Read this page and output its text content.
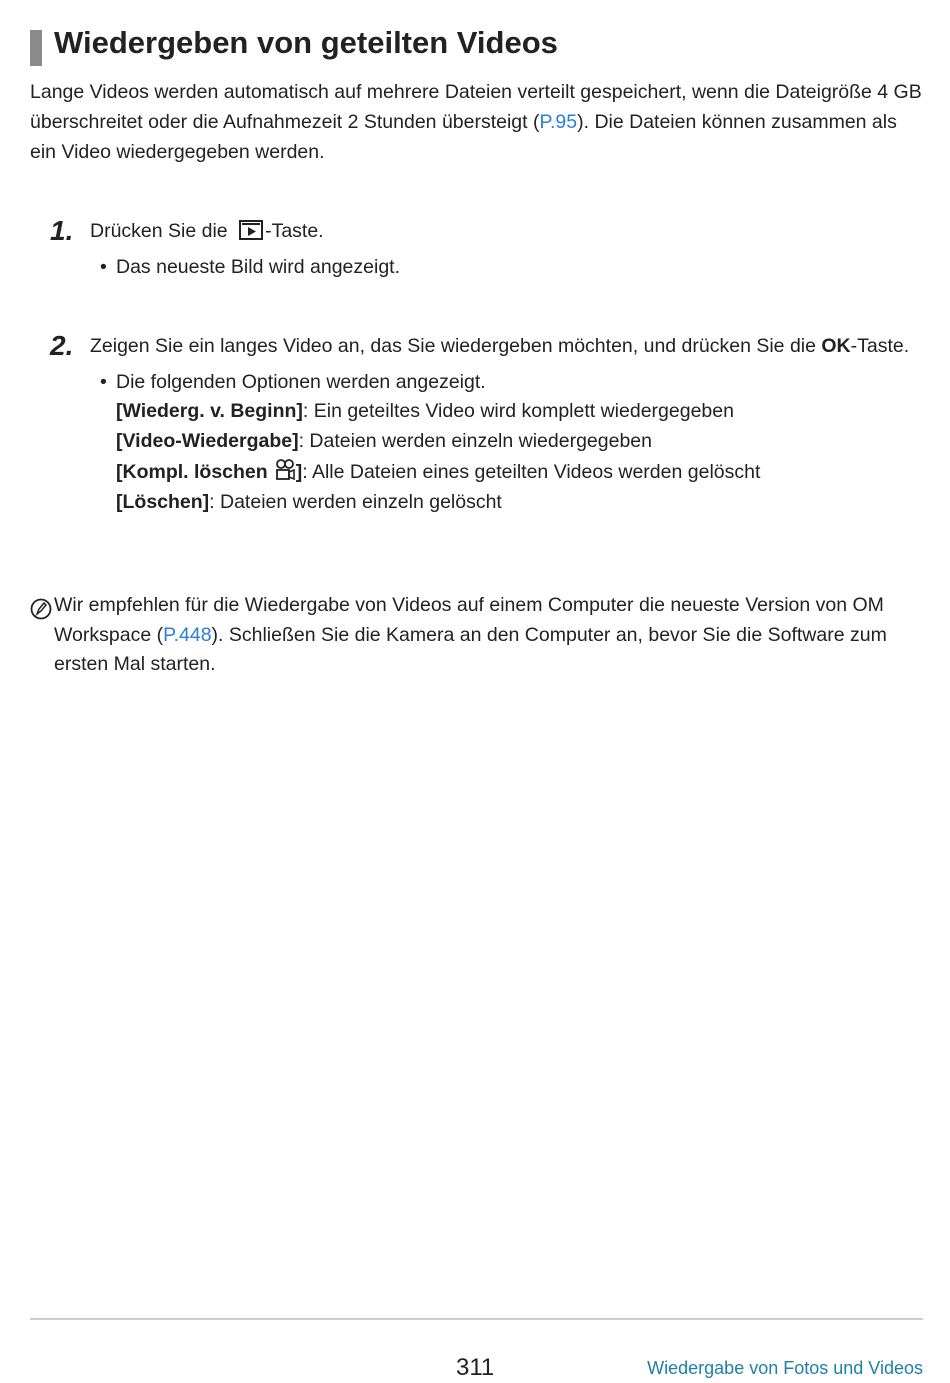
Wiedergeben von geteilten Videos
Lange Videos werden automatisch auf mehrere Dateien verteilt gespeichert, wenn die Dateigröße 4 GB überschreitet oder die Aufnahmezeit 2 Stunden übersteigt (P.95). Die Dateien können zusammen als ein Video wiedergegeben werden.
1. Drücken Sie die -Taste.
• Das neueste Bild wird angezeigt.
2. Zeigen Sie ein langes Video an, das Sie wiedergeben möchten, und drücken Sie die OK-Taste.
• Die folgenden Optionen werden angezeigt.
[Wiederg. v. Beginn]: Ein geteiltes Video wird komplett wiedergegeben
[Video-Wiedergabe]: Dateien werden einzeln wiedergegeben
[Kompl. löschen ]: Alle Dateien eines geteilten Videos werden gelöscht
[Löschen]: Dateien werden einzeln gelöscht
Wir empfehlen für die Wiedergabe von Videos auf einem Computer die neueste Version von OM Workspace (P.448). Schließen Sie die Kamera an den Computer an, bevor Sie die Software zum ersten Mal starten.
311	Wiedergabe von Fotos und Videos
